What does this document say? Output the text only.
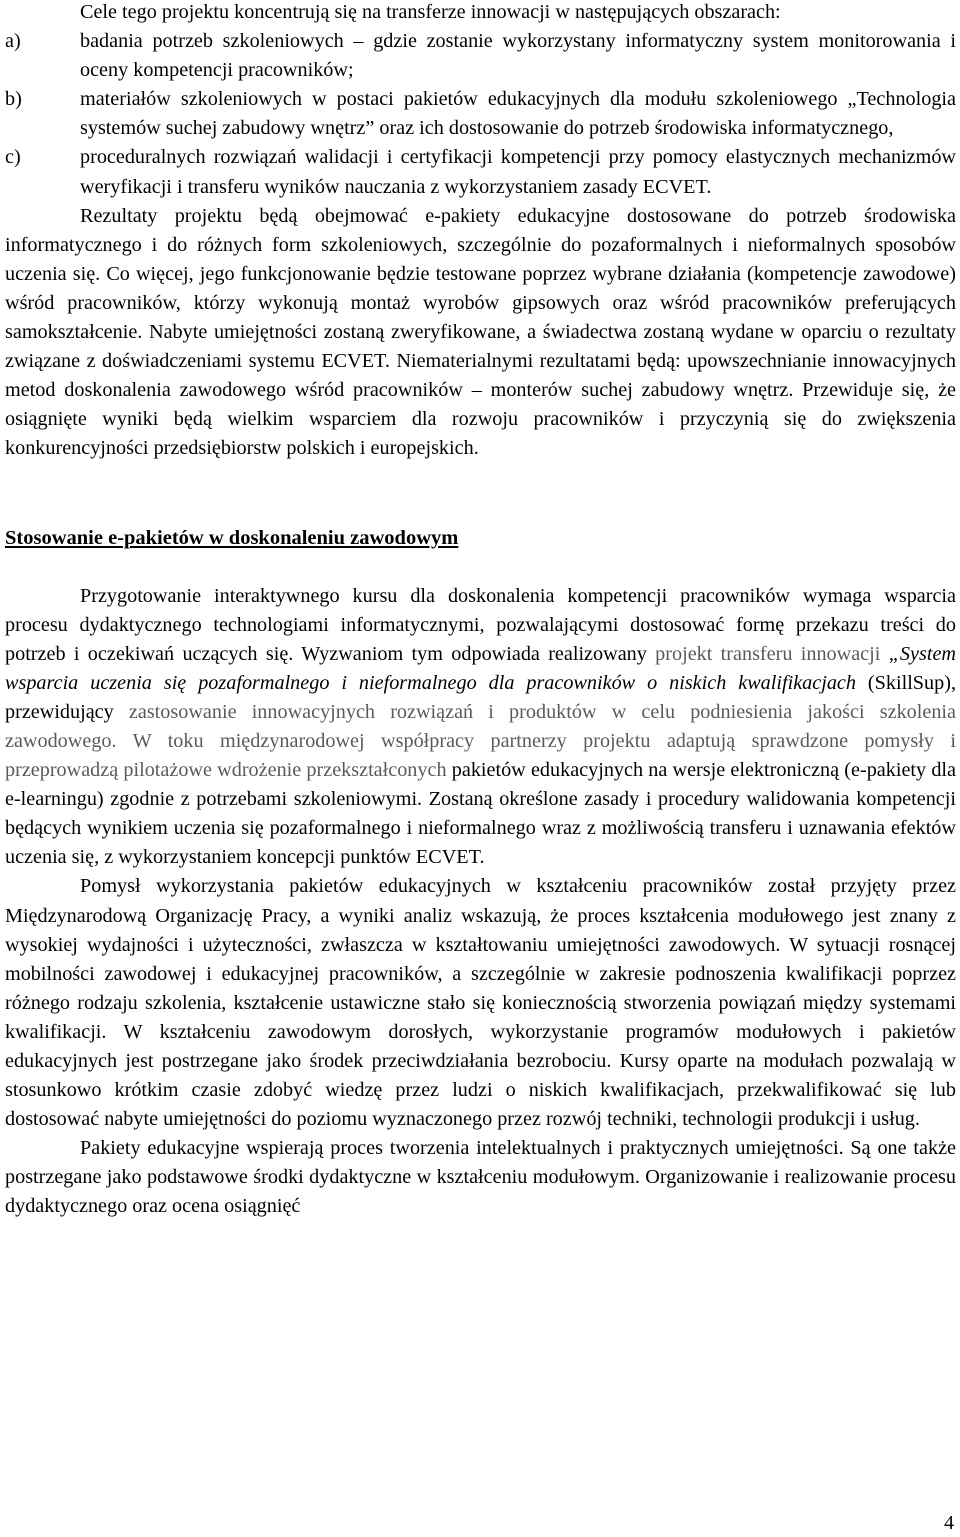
Cele tego projektu koncentrują się na transferze innowacji w następujących obszarach:

a)	badania potrzeb szkoleniowych – gdzie zostanie wykorzystany informatyczny system monitorowania i oceny kompetencji pracowników;
b)	materiałów szkoleniowych w postaci pakietów edukacyjnych dla modułu szkoleniowego „Technologia systemów suchej zabudowy wnętrz” oraz ich dostosowanie do potrzeb środowiska informatycznego,
c)	proceduralnych rozwiązań walidacji i certyfikacji kompetencji przy pomocy elastycznych mechanizmów weryfikacji i transferu wyników nauczania z wykorzystaniem zasady ECVET.

Rezultaty projektu będą obejmować e-pakiety edukacyjne dostosowane do potrzeb środowiska informatycznego i do różnych form szkoleniowych, szczególnie do pozaformalnych i nieformalnych sposobów uczenia się. Co więcej, jego funkcjonowanie będzie testowane poprzez wybrane działania (kompetencje zawodowe) wśród pracowników, którzy wykonują montaż wyrobów gipsowych oraz wśród pracowników preferujących samokształcenie. Nabyte umiejętności zostaną zweryfikowane, a świadectwa zostaną wydane w oparciu o rezultaty związane z doświadczeniami systemu ECVET. Niematerialnymi rezultatami będą: upowszechnianie innowacyjnych metod doskonalenia zawodowego wśród pracowników – monterów suchej zabudowy wnętrz. Przewiduje się, że osiągnięte wyniki będą wielkim wsparciem dla rozwoju pracowników i przyczynią się do zwiększenia konkurencyjności przedsiębiorstw polskich i europejskich.

Stosowanie e-pakietów w doskonaleniu zawodowym

Przygotowanie interaktywnego kursu dla doskonalenia kompetencji pracowników wymaga wsparcia procesu dydaktycznego technologiami informatycznymi, pozwalającymi dostosować formę przekazu treści do potrzeb i oczekiwań uczących się. Wyzwaniom tym odpowiada realizowany projekt transferu innowacji „System wsparcia uczenia się pozaformalnego i nieformalnego dla pracowników o niskich kwalifikacjach (SkillSup), przewidujący zastosowanie innowacyjnych rozwiązań i produktów w celu podniesienia jakości szkolenia zawodowego. W toku międzynarodowej współpracy partnerzy projektu adaptują sprawdzone pomysły i przeprowadzą pilotażowe wdrożenie przekształconych pakietów edukacyjnych na wersje elektroniczną (e-pakiety dla e-learningu) zgodnie z potrzebami szkoleniowymi. Zostaną określone zasady i procedury walidowania kompetencji będących wynikiem uczenia się pozaformalnego i nieformalnego wraz z możliwością transferu i uznawania efektów uczenia się, z wykorzystaniem koncepcji punktów ECVET.

Pomysł wykorzystania pakietów edukacyjnych w kształceniu pracowników został przyjęty przez Międzynarodową Organizację Pracy, a wyniki analiz wskazują, że proces kształcenia modułowego jest znany z wysokiej wydajności i użyteczności, zwłaszcza w kształtowaniu umiejętności zawodowych. W sytuacji rosnącej mobilności zawodowej i edukacyjnej pracowników, a szczególnie w zakresie podnoszenia kwalifikacji poprzez różnego rodzaju szkolenia, kształcenie ustawiczne stało się koniecznością stworzenia powiązań między systemami kwalifikacji. W kształceniu zawodowym dorosłych, wykorzystanie programów modułowych i pakietów edukacyjnych jest postrzegane jako środek przeciwdziałania bezrobociu. Kursy oparte na modułach pozwalają w stosunkowo krótkim czasie zdobyć wiedzę przez ludzi o niskich kwalifikacjach, przekwalifikować się lub dostosować nabyte umiejętności do poziomu wyznaczonego przez rozwój techniki, technologii produkcji i usług.

Pakiety edukacyjne wspierają proces tworzenia intelektualnych i praktycznych umiejętności. Są one także postrzegane jako podstawowe środki dydaktyczne w kształceniu modułowym. Organizowanie i realizowanie procesu dydaktycznego oraz ocena osiągnięć

4
